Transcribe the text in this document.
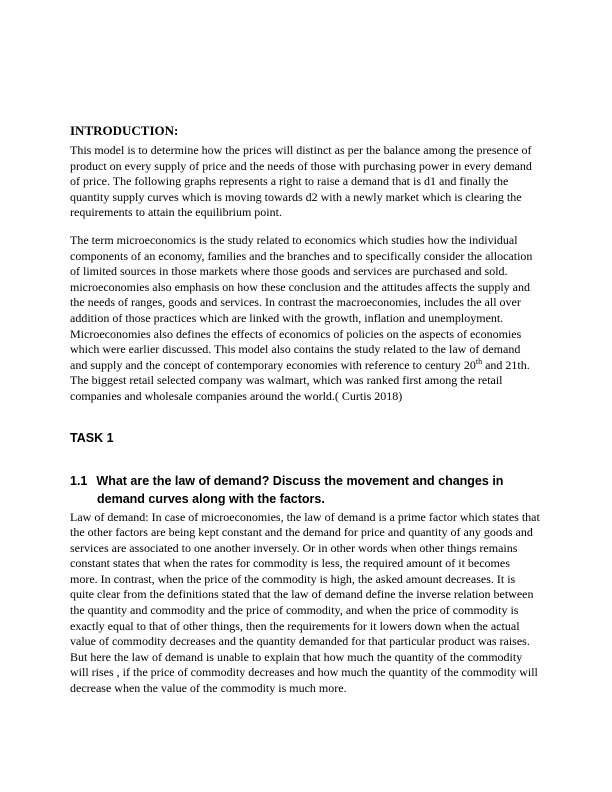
INTRODUCTION:

This model is to determine how the prices will distinct as per the balance among the presence of product on every supply of price and the needs of those with purchasing power in every demand of price. The following graphs represents a right to raise a demand that is d1 and finally the quantity supply curves which is moving towards d2 with a newly market which is clearing the requirements to attain the equilibrium point.

The term microeconomics is the study related to economics which studies how the individual components of an economy, families and the branches and to specifically consider the allocation of limited sources in those markets where those goods and services are purchased and sold. microeconomies also emphasis on how these conclusion and the attitudes affects the supply and the needs of ranges, goods and services. In contrast the macroeconomies, includes the all over addition of those practices which are linked with the growth, inflation and unemployment. Microeconomies also defines the effects of economics of policies on the aspects of economies which were earlier discussed. This model also contains the study related to the law of demand and supply and the concept of contemporary economies with reference to century 20th and 21th. The biggest retail selected company was walmart, which was ranked first among the retail companies and wholesale companies around the world.( Curtis 2018)

TASK 1
1.1 What are the law of demand? Discuss the movement and changes in demand curves along with the factors.

Law of demand: In case of microeconomies, the law of demand is a prime factor which states that the other factors are being kept constant and the demand for price and quantity of any goods and services are associated to one another inversely. Or in other words when other things remains constant states that when the rates for commodity is less, the required amount of it becomes more. In contrast, when the price of the commodity is high, the asked amount decreases. It is quite clear from the definitions stated that the law of demand define the inverse relation between the quantity and commodity and the price of commodity, and when the price of commodity is exactly equal to that of other things, then the requirements for it lowers down when the actual value of commodity decreases and the quantity demanded for that particular product was raises. But here the law of demand is unable to explain that how much the quantity of the commodity will rises , if the price of commodity decreases and how much the quantity of the commodity will decrease when the value of the commodity is much more.
